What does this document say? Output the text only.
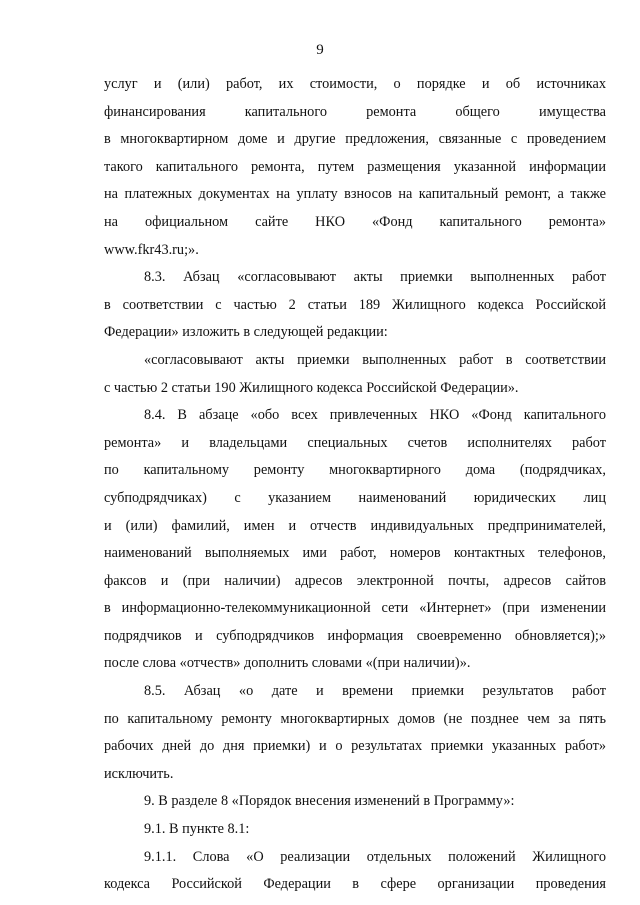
9
услуг и (или) работ, их стоимости, о порядке и об источниках
финансирования капитального ремонта общего имущества
в многоквартирном доме и другие предложения, связанные с проведением
такого капитального ремонта, путем размещения указанной информации
на платежных документах на уплату взносов на капитальный ремонт, а также
на официальном сайте НКО «Фонд капитального ремонта»
www.fkr43.ru;».
8.3. Абзац «согласовывают акты приемки выполненных работ
в соответствии с частью 2 статьи 189 Жилищного кодекса Российской
Федерации» изложить в следующей редакции:
«согласовывают акты приемки выполненных работ в соответствии
с частью 2 статьи 190 Жилищного кодекса Российской Федерации».
8.4. В абзаце «обо всех привлеченных НКО «Фонд капитального
ремонта» и владельцами специальных счетов исполнителях работ
по капитальному ремонту многоквартирного дома (подрядчиках,
субподрядчиках) с указанием наименований юридических лиц
и (или) фамилий, имен и отчеств индивидуальных предпринимателей,
наименований выполняемых ими работ, номеров контактных телефонов,
факсов и (при наличии) адресов электронной почты, адресов сайтов
в информационно-телекоммуникационной сети «Интернет» (при изменении
подрядчиков и субподрядчиков информация своевременно обновляется);»
после слова «отчеств» дополнить словами «(при наличии)».
8.5. Абзац «о дате и времени приемки результатов работ
по капитальному ремонту многоквартирных домов (не позднее чем за пять
рабочих дней до дня приемки) и о результатах приемки указанных работ»
исключить.
9. В разделе 8 «Порядок внесения изменений в Программу»:
9.1. В пункте 8.1:
9.1.1. Слова «О реализации отдельных положений Жилищного
кодекса Российской Федерации в сфере организации проведения
